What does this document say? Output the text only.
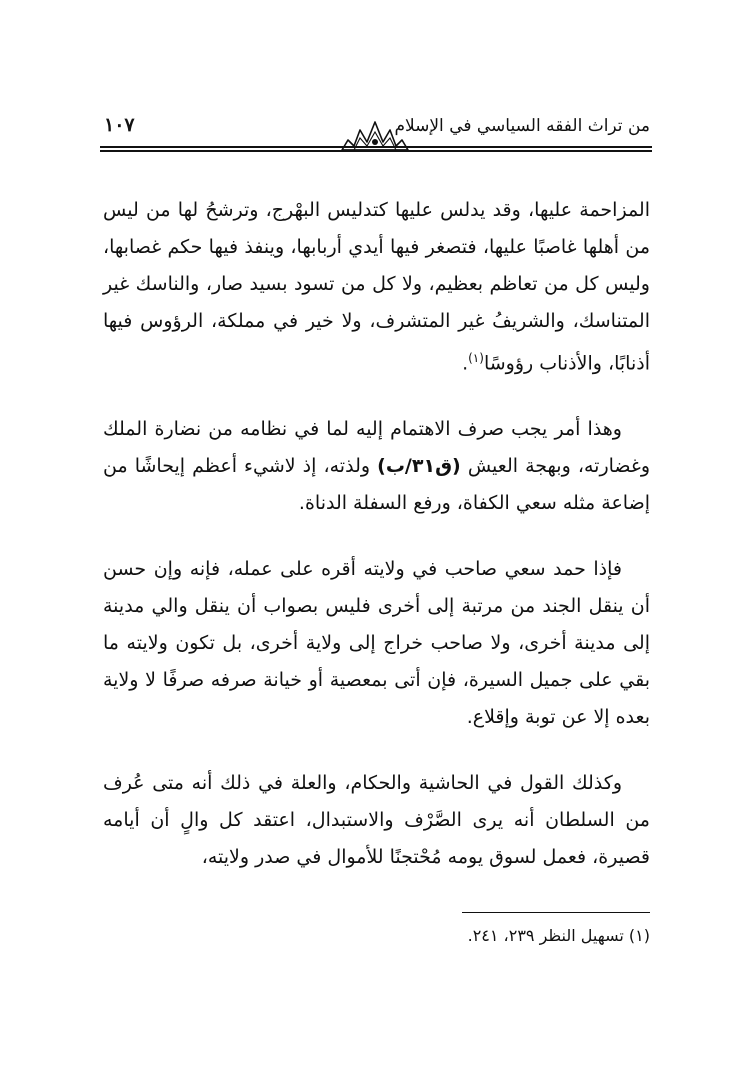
من تراث الفقه السياسي في الإسلام
١٠٧

المزاحمة عليها، وقد يدلس عليها كتدليس البهْرج، وترشحُ لها من ليس من أهلها غاصبًا عليها، فتصغر فيها أيدي أربابها، وينفذ فيها حكم غصابها، وليس كل من تعاظم بعظيم، ولا كل من تسود بسيد صار، والناسك غير المتناسك، والشريفُ غير المتشرف، ولا خير في مملكة، الرؤوس فيها أذنابًا، والأذناب رؤوسًا$^{(١)}$.

وهذا أمر يجب صرف الاهتمام إليه لما في نظامه من نضارة الملك وغضارته، وبهجة العيش (ق٣١/ب) ولذته، إذ لاشيء أعظم إيحاشًا من إضاعة مثله سعي الكفاة، ورفع السفلة الدناة.

فإذا حمد سعي صاحب في ولايته أقره على عمله، فإنه وإن حسن أن ينقل الجند من مرتبة إلى أخرى فليس بصواب أن ينقل والي مدينة إلى مدينة أخرى، ولا صاحب خراج إلى ولاية أخرى، بل تكون ولايته ما بقي على جميل السيرة، فإن أتى بمعصية أو خيانة صرفه صرفًا لا ولاية بعده إلا عن توبة وإقلاع.

وكذلك القول في الحاشية والحكام، والعلة في ذلك أنه متى عُرف من السلطان أنه يرى الصَّرْف والاستبدال، اعتقد كل والٍ أن أيامه قصيرة، فعمل لسوق يومه مُحْتجنًا للأموال في صدر ولايته،

(١) تسهيل النظر ٢٣٩، ٢٤١.
